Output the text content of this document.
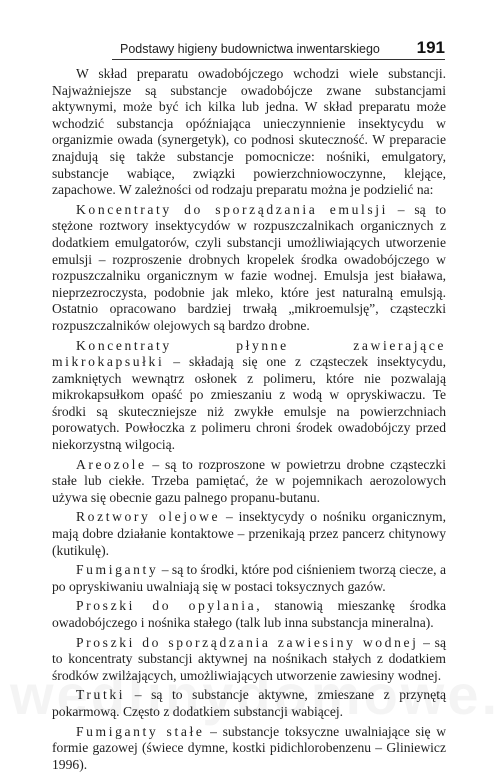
Podstawy higieny budownictwa inwentarskiego 191

W skład preparatu owadobójczego wchodzi wiele substancji. Najważniejsze są substancje owadobójcze zwane substancjami aktywnymi, może być ich kilka lub jedna. W skład preparatu może wchodzić substancja opóźniająca unieczynnienie insektycydu w organizmie owada (synergetyk), co podnosi skuteczność. W preparacie znajdują się także substancje pomocnicze: nośniki, emulgatory, substancje wabiące, związki powierzchniowoczynne, klejące, zapachowe. W zależności od rodzaju preparatu można je podzielić na:

Koncentraty do sporządzania emulsji – są to stężone roztwory insektycydów w rozpuszczalnikach organicznych z dodatkiem emulgatorów, czyli substancji umożliwiających utworzenie emulsji – rozproszenie drobnych kropelek środka owadobójczego w rozpuszczalniku organicznym w fazie wodnej. Emulsja jest biaława, nieprzezroczysta, podobnie jak mleko, które jest naturalną emulsją. Ostatnio opracowano bardziej trwałą „mikroemulsję”, cząsteczki rozpuszczalników olejowych są bardzo drobne.

Koncentraty płynne zawierające mikrokapsułki – składają się one z cząsteczek insektycydu, zamkniętych wewnątrz osłonek z polimeru, które nie pozwalają mikrokapsułkom opaść po zmieszaniu z wodą w opryskiwaczu. Te środki są skuteczniejsze niż zwykłe emulsje na powierzchniach porowatych. Powłoczka z polimeru chroni środek owadobójczy przed niekorzystną wilgocią.

Areozole – są to rozproszone w powietrzu drobne cząsteczki stałe lub ciekłe. Trzeba pamiętać, że w pojemnikach aerozolowych używa się obecnie gazu palnego propanu-butanu.

Roztwory olejowe – insektycydy o nośniku organicznym, mają dobre działanie kontaktowe – przenikają przez pancerz chitynowy (kutikulę).

Fumiganty – są to środki, które pod ciśnieniem tworzą ciecze, a po opryskiwaniu uwalniają się w postaci toksycznych gazów.

Proszki do opylania, stanowią mieszankę środka owadobójczego i nośnika stałego (talk lub inna substancja mineralna).

Proszki do sporządzania zawiesiny wodnej – są to koncentraty substancji aktywnej na nośnikach stałych z dodatkiem środków zwilżających, umożliwiających utworzenie zawiesiny wodnej.

Trutki – są to substancje aktywne, zmieszane z przynętą pokarmową. Często z dodatkiem substancji wabiącej.

Fumiganty stałe – substancje toksyczne uwalniające się w formie gazowej (świece dymne, kostki pidichlorobenzenu – Gliniewicz 1996).
